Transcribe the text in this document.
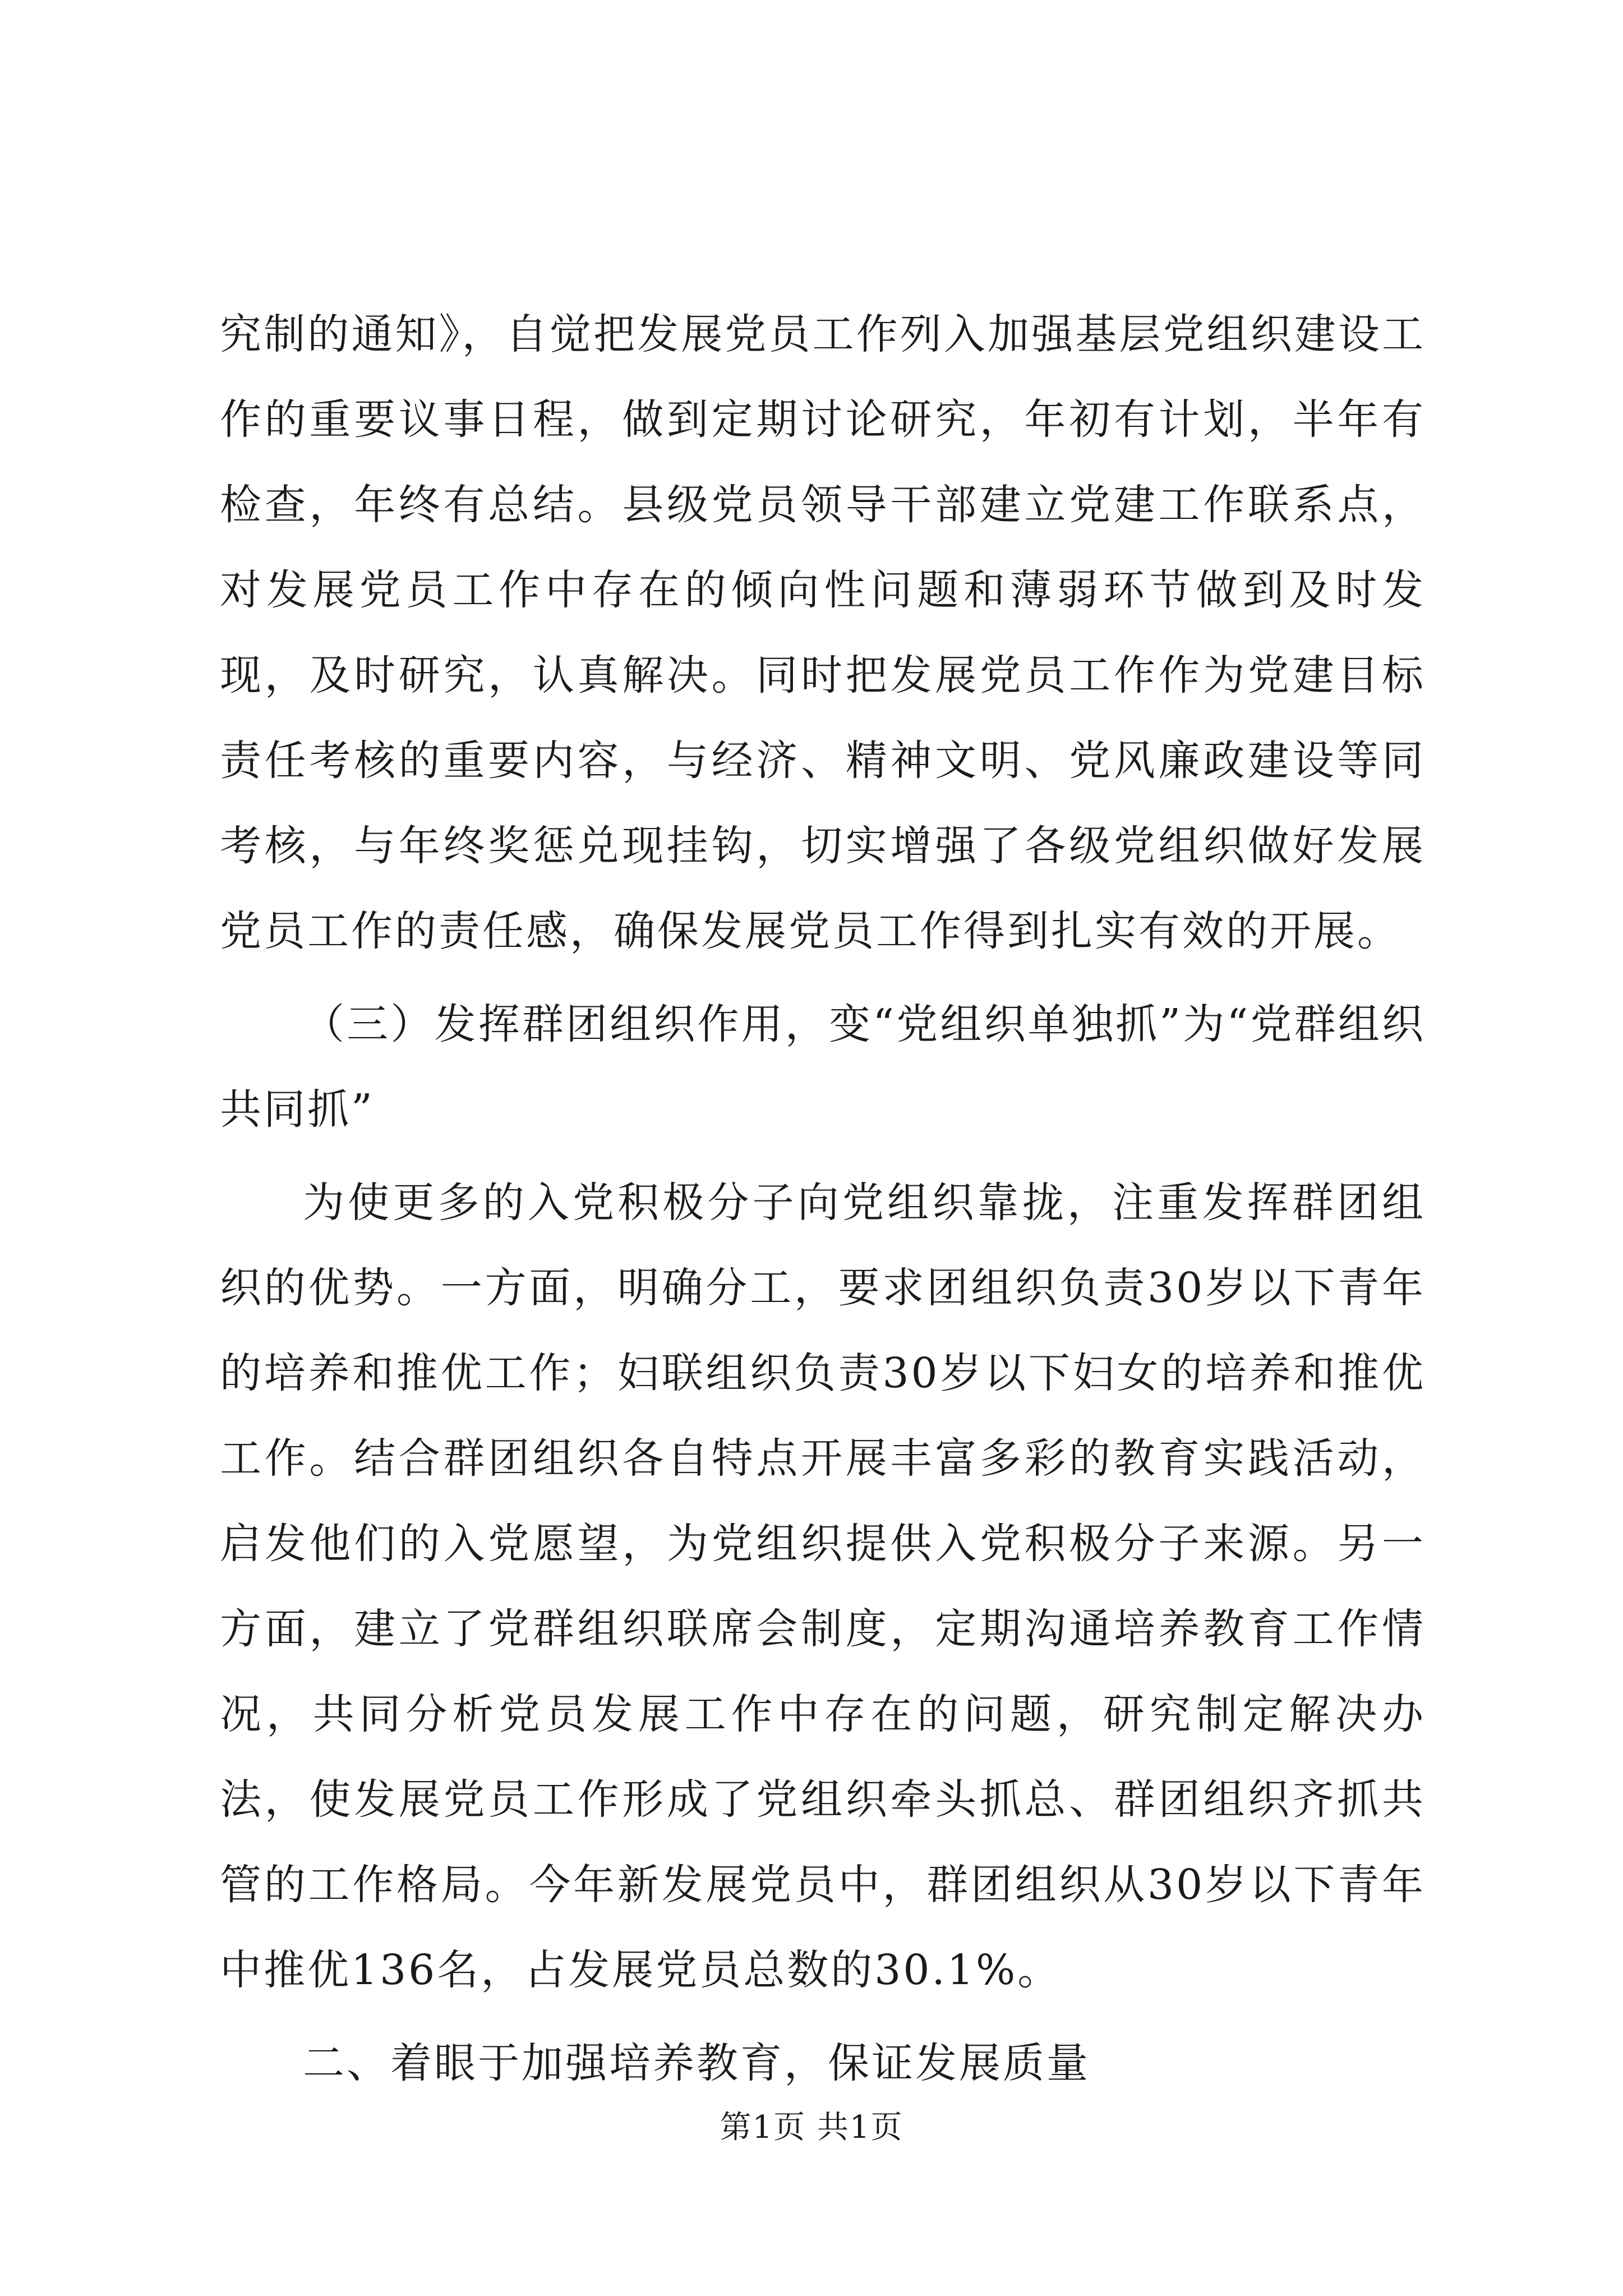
究制的通知》，自觉把发展党员工作列入加强基层党组织建设工作的重要议事日程，做到定期讨论研究，年初有计划，半年有检查，年终有总结。县级党员领导干部建立党建工作联系点，对发展党员工作中存在的倾向性问题和薄弱环节做到及时发现，及时研究，认真解决。同时把发展党员工作作为党建目标责任考核的重要内容，与经济、精神文明、党风廉政建设等同考核，与年终奖惩兑现挂钩，切实增强了各级党组织做好发展党员工作的责任感，确保发展党员工作得到扎实有效的开展。

（三）发挥群团组织作用，变“党组织单独抓”为“党群组织共同抓”

为使更多的入党积极分子向党组织靠拢，注重发挥群团组织的优势。一方面，明确分工，要求团组织负责30岁以下青年的培养和推优工作；妇联组织负责30岁以下妇女的培养和推优工作。结合群团组织各自特点开展丰富多彩的教育实践活动，启发他们的入党愿望，为党组织提供入党积极分子来源。另一方面，建立了党群组织联席会制度，定期沟通培养教育工作情况，共同分析党员发展工作中存在的问题，研究制定解决办法，使发展党员工作形成了党组织牵头抓总、群团组织齐抓共管的工作格局。今年新发展党员中，群团组织从30岁以下青年中推优136名，占发展党员总数的30.1%。

二、着眼于加强培养教育，保证发展质量

第1页 共1页
